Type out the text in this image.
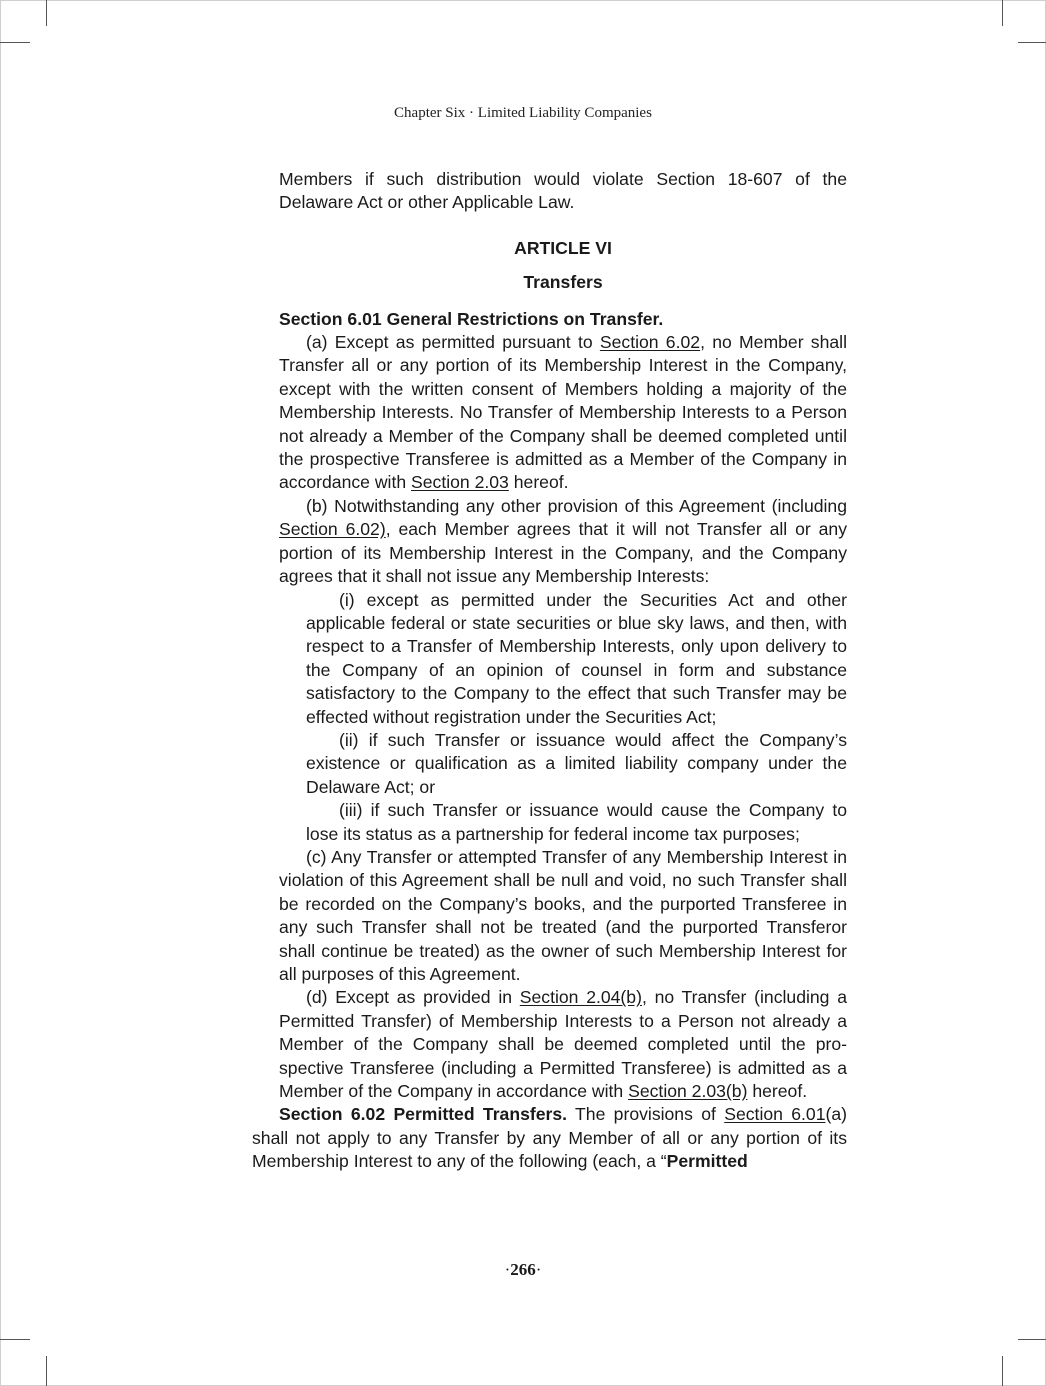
Chapter Six · Limited Liability Companies

Members if such distribution would violate Section 18-607 of the Delaware Act or other Applicable Law.

ARTICLE VI

Transfers

Section 6.01 General Restrictions on Transfer.

(a) Except as permitted pursuant to Section 6.02, no Member shall Transfer all or any portion of its Membership Interest in the Company, except with the written consent of Members holding a majority of the Membership Interests. No Transfer of Membership Interests to a Person not already a Member of the Company shall be deemed completed until the prospective Transferee is admitted as a Member of the Company in accordance with Section 2.03 hereof.

(b) Notwithstanding any other provision of this Agreement (including Section 6.02), each Member agrees that it will not Transfer all or any portion of its Membership Interest in the Company, and the Company agrees that it shall not issue any Membership Interests:

(i) except as permitted under the Securities Act and other applicable federal or state securities or blue sky laws, and then, with respect to a Transfer of Membership Interests, only upon delivery to the Company of an opinion of counsel in form and substance satisfactory to the Company to the effect that such Transfer may be effected without registration under the Securities Act;

(ii) if such Transfer or issuance would affect the Company’s existence or qualification as a limited liability company under the Delaware Act; or

(iii) if such Transfer or issuance would cause the Company to lose its status as a partnership for federal income tax purposes;

(c) Any Transfer or attempted Transfer of any Membership Interest in violation of this Agreement shall be null and void, no such Transfer shall be recorded on the Company’s books, and the purported Transferee in any such Transfer shall not be treated (and the purported Transferor shall continue be treated) as the owner of such Membership Interest for all purposes of this Agreement.

(d) Except as provided in Section 2.04(b), no Transfer (including a Permitted Transfer) of Membership Interests to a Person not already a Member of the Company shall be deemed completed until the prospective Transferee (including a Permitted Transferee) is admitted as a Member of the Company in accordance with Section 2.03(b) hereof.

Section 6.02 Permitted Transfers. The provisions of Section 6.01(a) shall not apply to any Transfer by any Member of all or any portion of its Membership Interest to any of the following (each, a “Permitted

·266·
